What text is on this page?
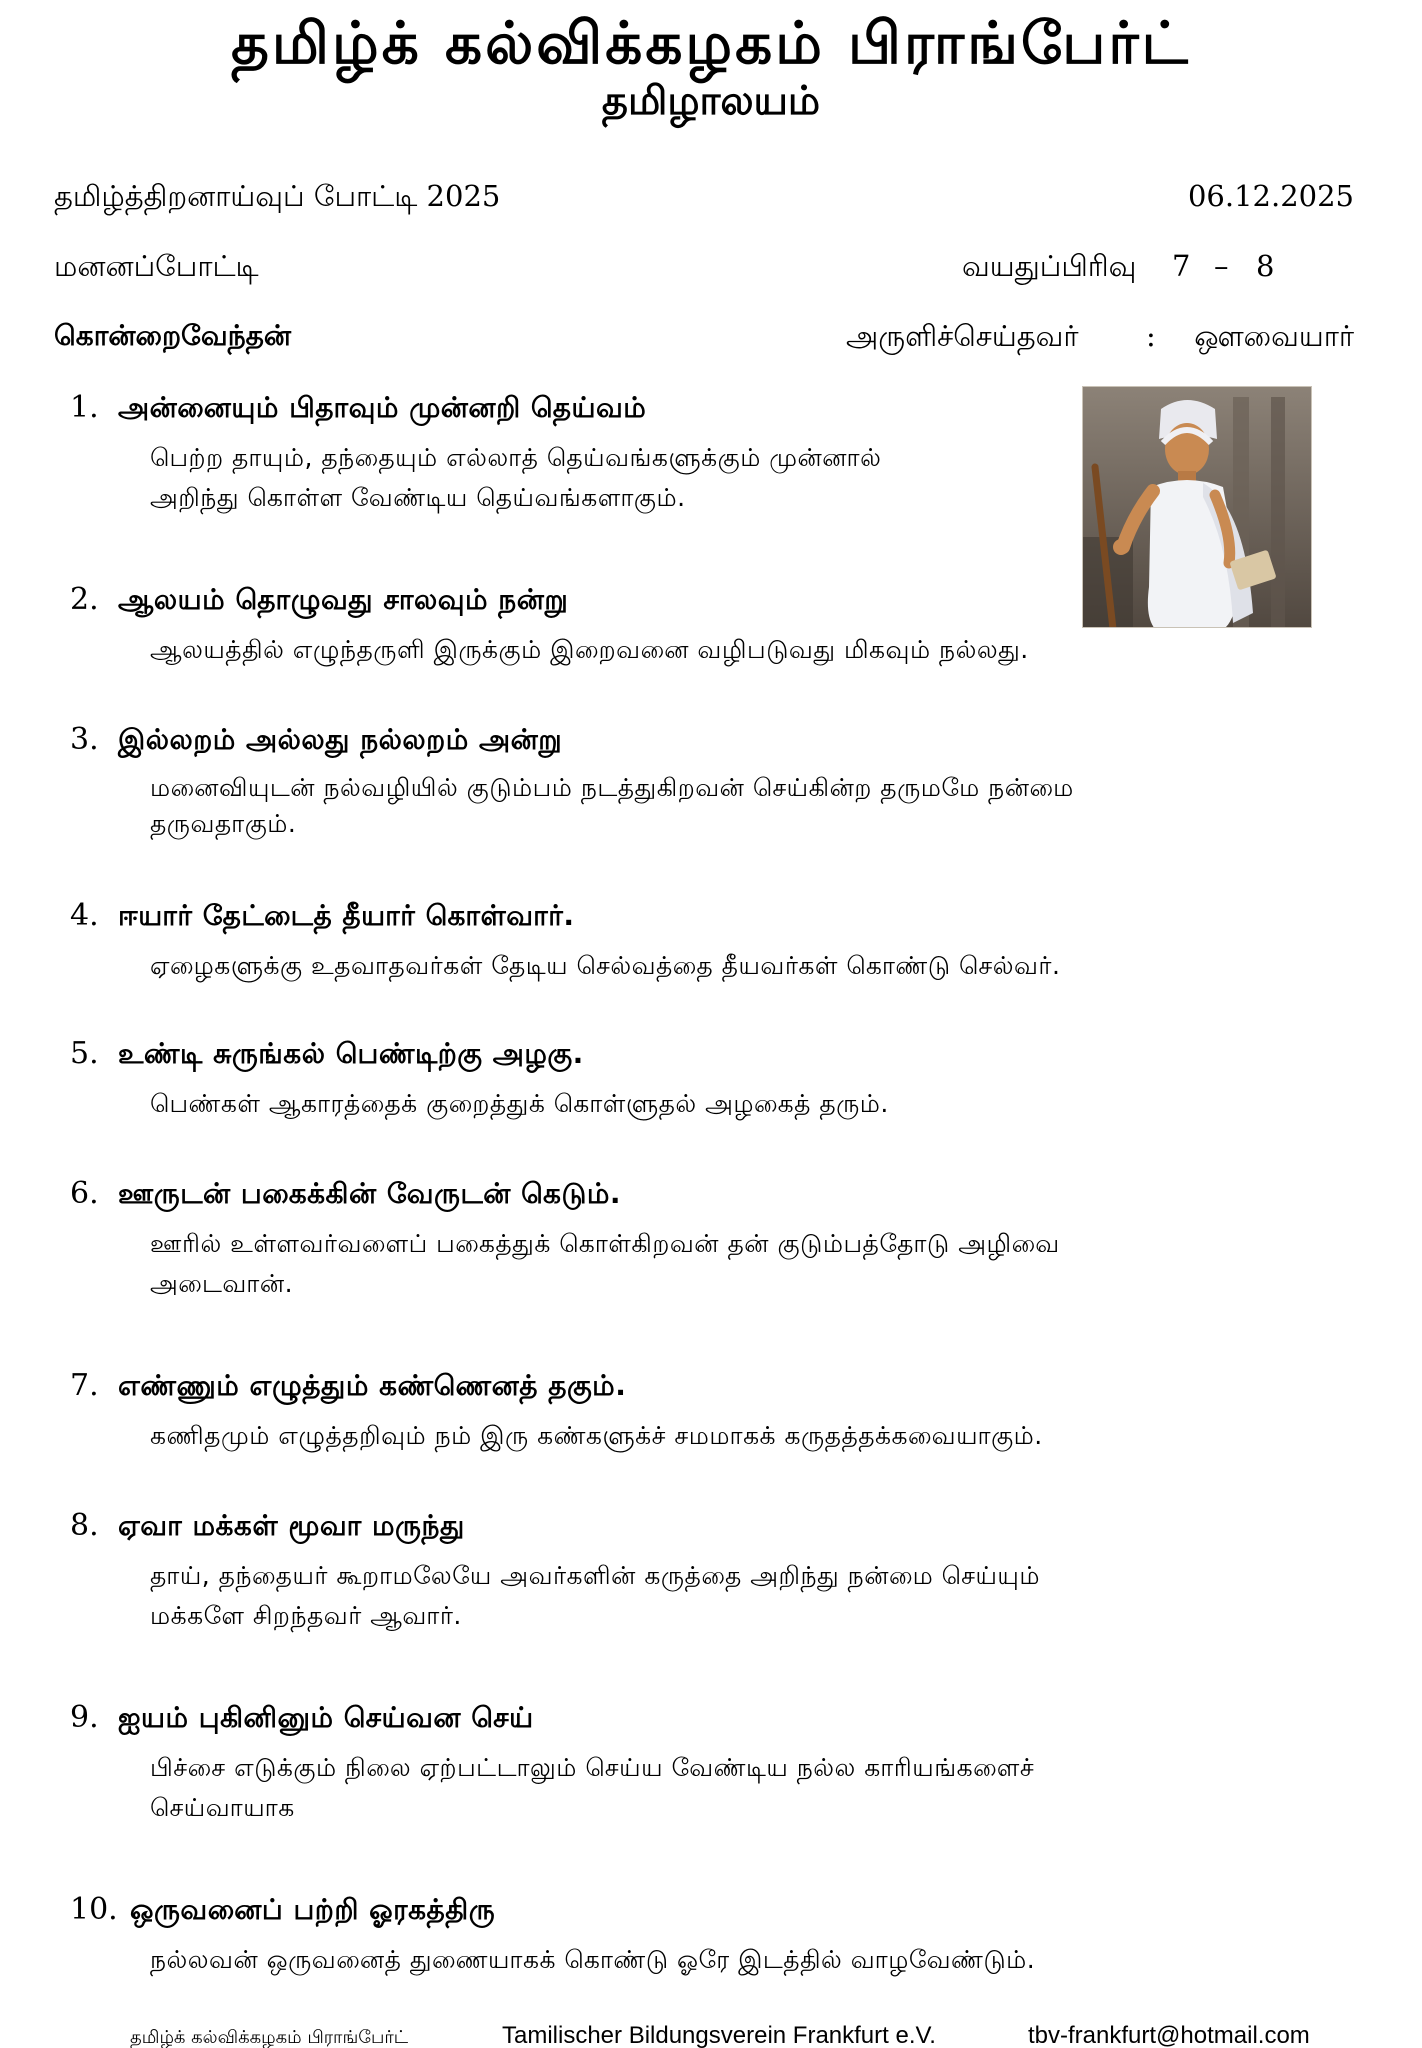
தமிழ்க் கல்விக்கழகம் பிராங்பேர்ட்
தமிழாலயம்
தமிழ்த்திறனாய்வுப் போட்டி 2025	06.12.2025
மனனப்போட்டி	வயதுப்பிரிவு 7 – 8
கொன்றைவேந்தன்	அருளிச்செய்தவர் : ஔவையார்
1. அன்னையும் பிதாவும் முன்னறி தெய்வம்
பெற்ற தாயும், தந்தையும் எல்லாத் தெய்வங்களுக்கும் முன்னால்
அறிந்து கொள்ள வேண்டிய தெய்வங்களாகும்.
2. ஆலயம் தொழுவது சாலவும் நன்று
ஆலயத்தில் எழுந்தருளி இருக்கும் இறைவனை வழிபடுவது மிகவும் நல்லது.
3. இல்லறம் அல்லது நல்லறம் அன்று
மனைவியுடன் நல்வழியில் குடும்பம் நடத்துகிறவன் செய்கின்ற தருமமே நன்மை
தருவதாகும்.
4. ஈயார் தேட்டைத் தீயார் கொள்வார்.
ஏழைகளுக்கு உதவாதவர்கள் தேடிய செல்வத்தை தீயவர்கள் கொண்டு செல்வர்.
5. உண்டி சுருங்கல் பெண்டிற்கு அழகு.
பெண்கள் ஆகாரத்தைக் குறைத்துக் கொள்ளுதல் அழகைத் தரும்.
6. ஊருடன் பகைக்கின் வேருடன் கெடும்.
ஊரில் உள்ளவர்வளைப் பகைத்துக் கொள்கிறவன் தன் குடும்பத்தோடு அழிவை
அடைவான்.
7. எண்ணும் எழுத்தும் கண்ணெனத் தகும்.
கணிதமும் எழுத்தறிவும் நம் இரு கண்களுக்ச் சமமாகக் கருதத்தக்கவையாகும்.
8. ஏவா மக்கள் மூவா மருந்து
தாய், தந்தையர் கூறாமலேயே அவர்களின் கருத்தை அறிந்து நன்மை செய்யும்
மக்களே சிறந்தவர் ஆவார்.
9. ஐயம் புகினினும் செய்வன செய்
பிச்சை எடுக்கும் நிலை ஏற்பட்டாலும் செய்ய வேண்டிய நல்ல காரியங்களைச்
செய்வாயாக
10. ஒருவனைப் பற்றி ஓரகத்திரு
நல்லவன் ஒருவனைத் துணையாகக் கொண்டு ஓரே இடத்தில் வாழவேண்டும்.
தமிழ்க் கல்விக்கழகம் பிராங்பேர்ட்	Tamilischer Bildungsverein Frankfurt e.V.	tbv-frankfurt@hotmail.com
